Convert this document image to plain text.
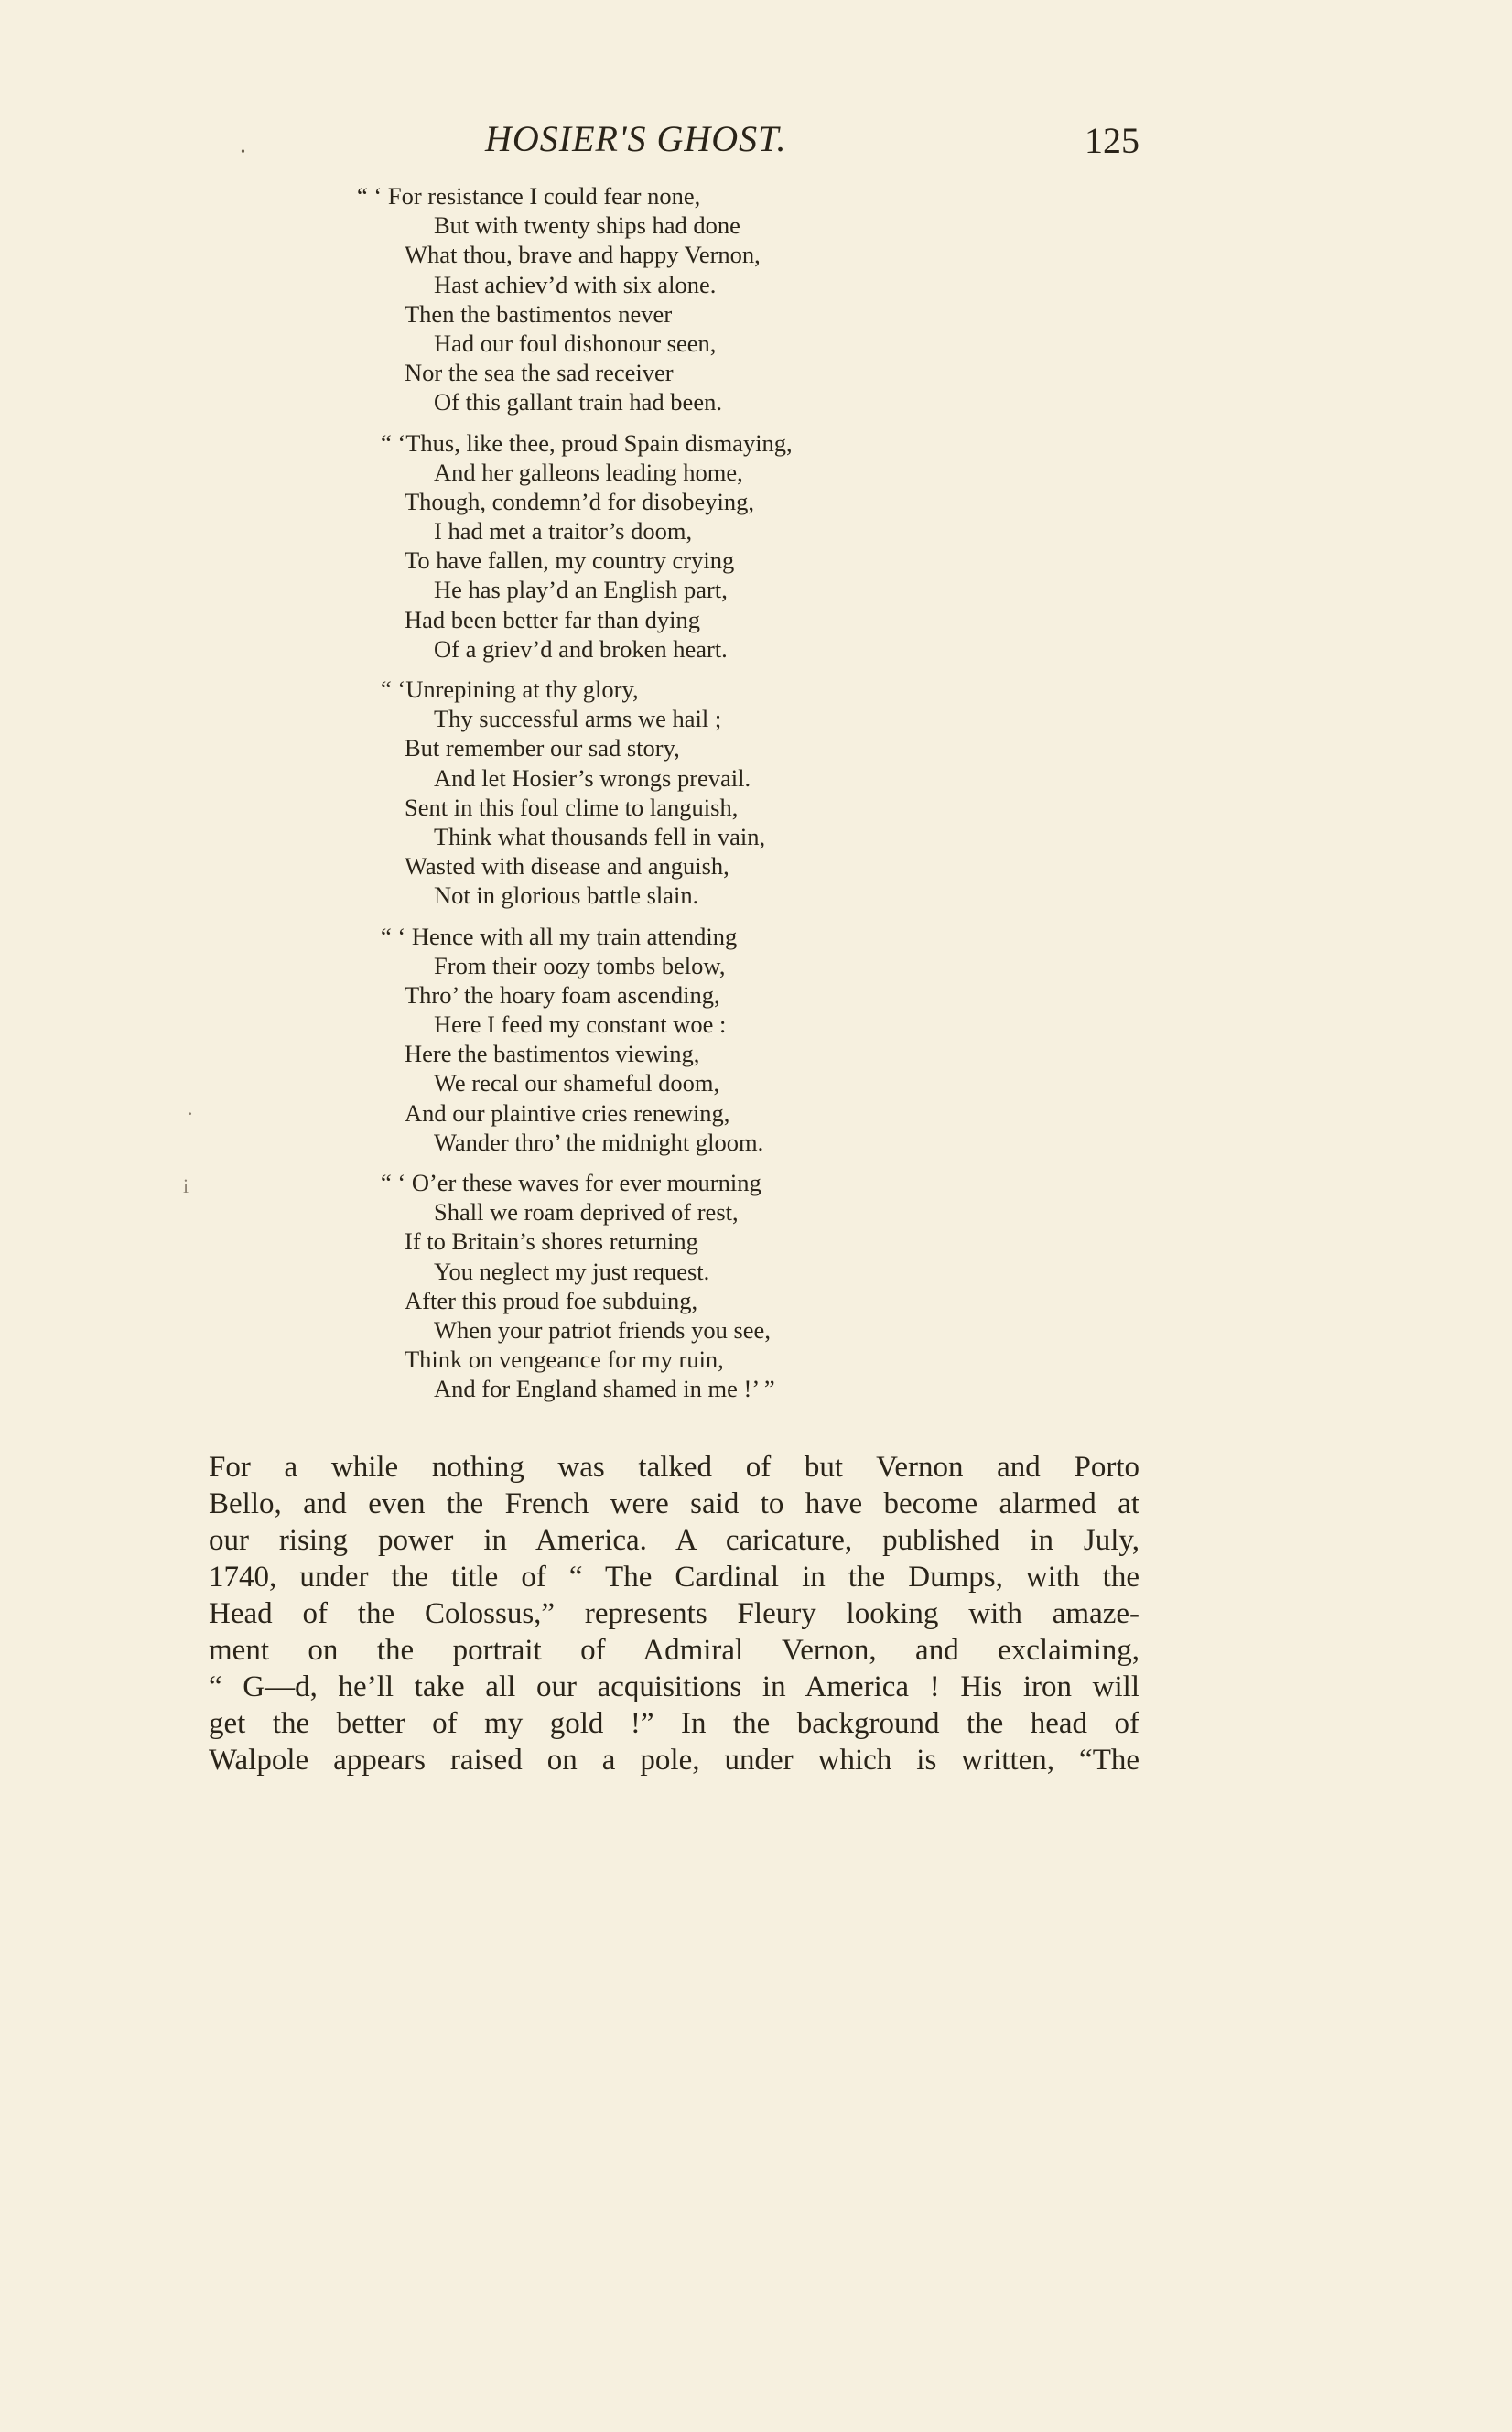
⸳	HOSIER'S GHOST.	125
.
i
“ ‘ For resistance I could fear none,
But with twenty ships had done
What thou, brave and happy Vernon,
Hast achiev’d with six alone.
Then the bastimentos never
Had our foul dishonour seen,
Nor the sea the sad receiver
Of this gallant train had been.
“ ‘Thus, like thee, proud Spain dismaying,
And her galleons leading home,
Though, condemn’d for disobeying,
I had met a traitor’s doom,
To have fallen, my country crying
He has play’d an English part,
Had been better far than dying
Of a griev’d and broken heart.
“ ‘Unrepining at thy glory,
Thy successful arms we hail ;
But remember our sad story,
And let Hosier’s wrongs prevail.
Sent in this foul clime to languish,
Think what thousands fell in vain,
Wasted with disease and anguish,
Not in glorious battle slain.
“ ‘ Hence with all my train attending
From their oozy tombs below,
Thro’ the hoary foam ascending,
Here I feed my constant woe :
Here the bastimentos viewing,
We recal our shameful doom,
And our plaintive cries renewing,
Wander thro’ the midnight gloom.
“ ‘ O’er these waves for ever mourning
Shall we roam deprived of rest,
If to Britain’s shores returning
You neglect my just request.
After this proud foe subduing,
When your patriot friends you see,
Think on vengeance for my ruin,
And for England shamed in me !’ ”
For a while nothing was talked of but Vernon and Porto
Bello, and even the French were said to have become alarmed at
our rising power in America. A caricature, published in July,
1740, under the title of “ The Cardinal in the Dumps, with the
Head of the Colossus,” represents Fleury looking with amaze-
ment on the portrait of Admiral Vernon, and exclaiming,
“ G—d, he’ll take all our acquisitions in America ! His iron will
get the better of my gold !” In the background the head of
Walpole appears raised on a pole, under which is written, “The
